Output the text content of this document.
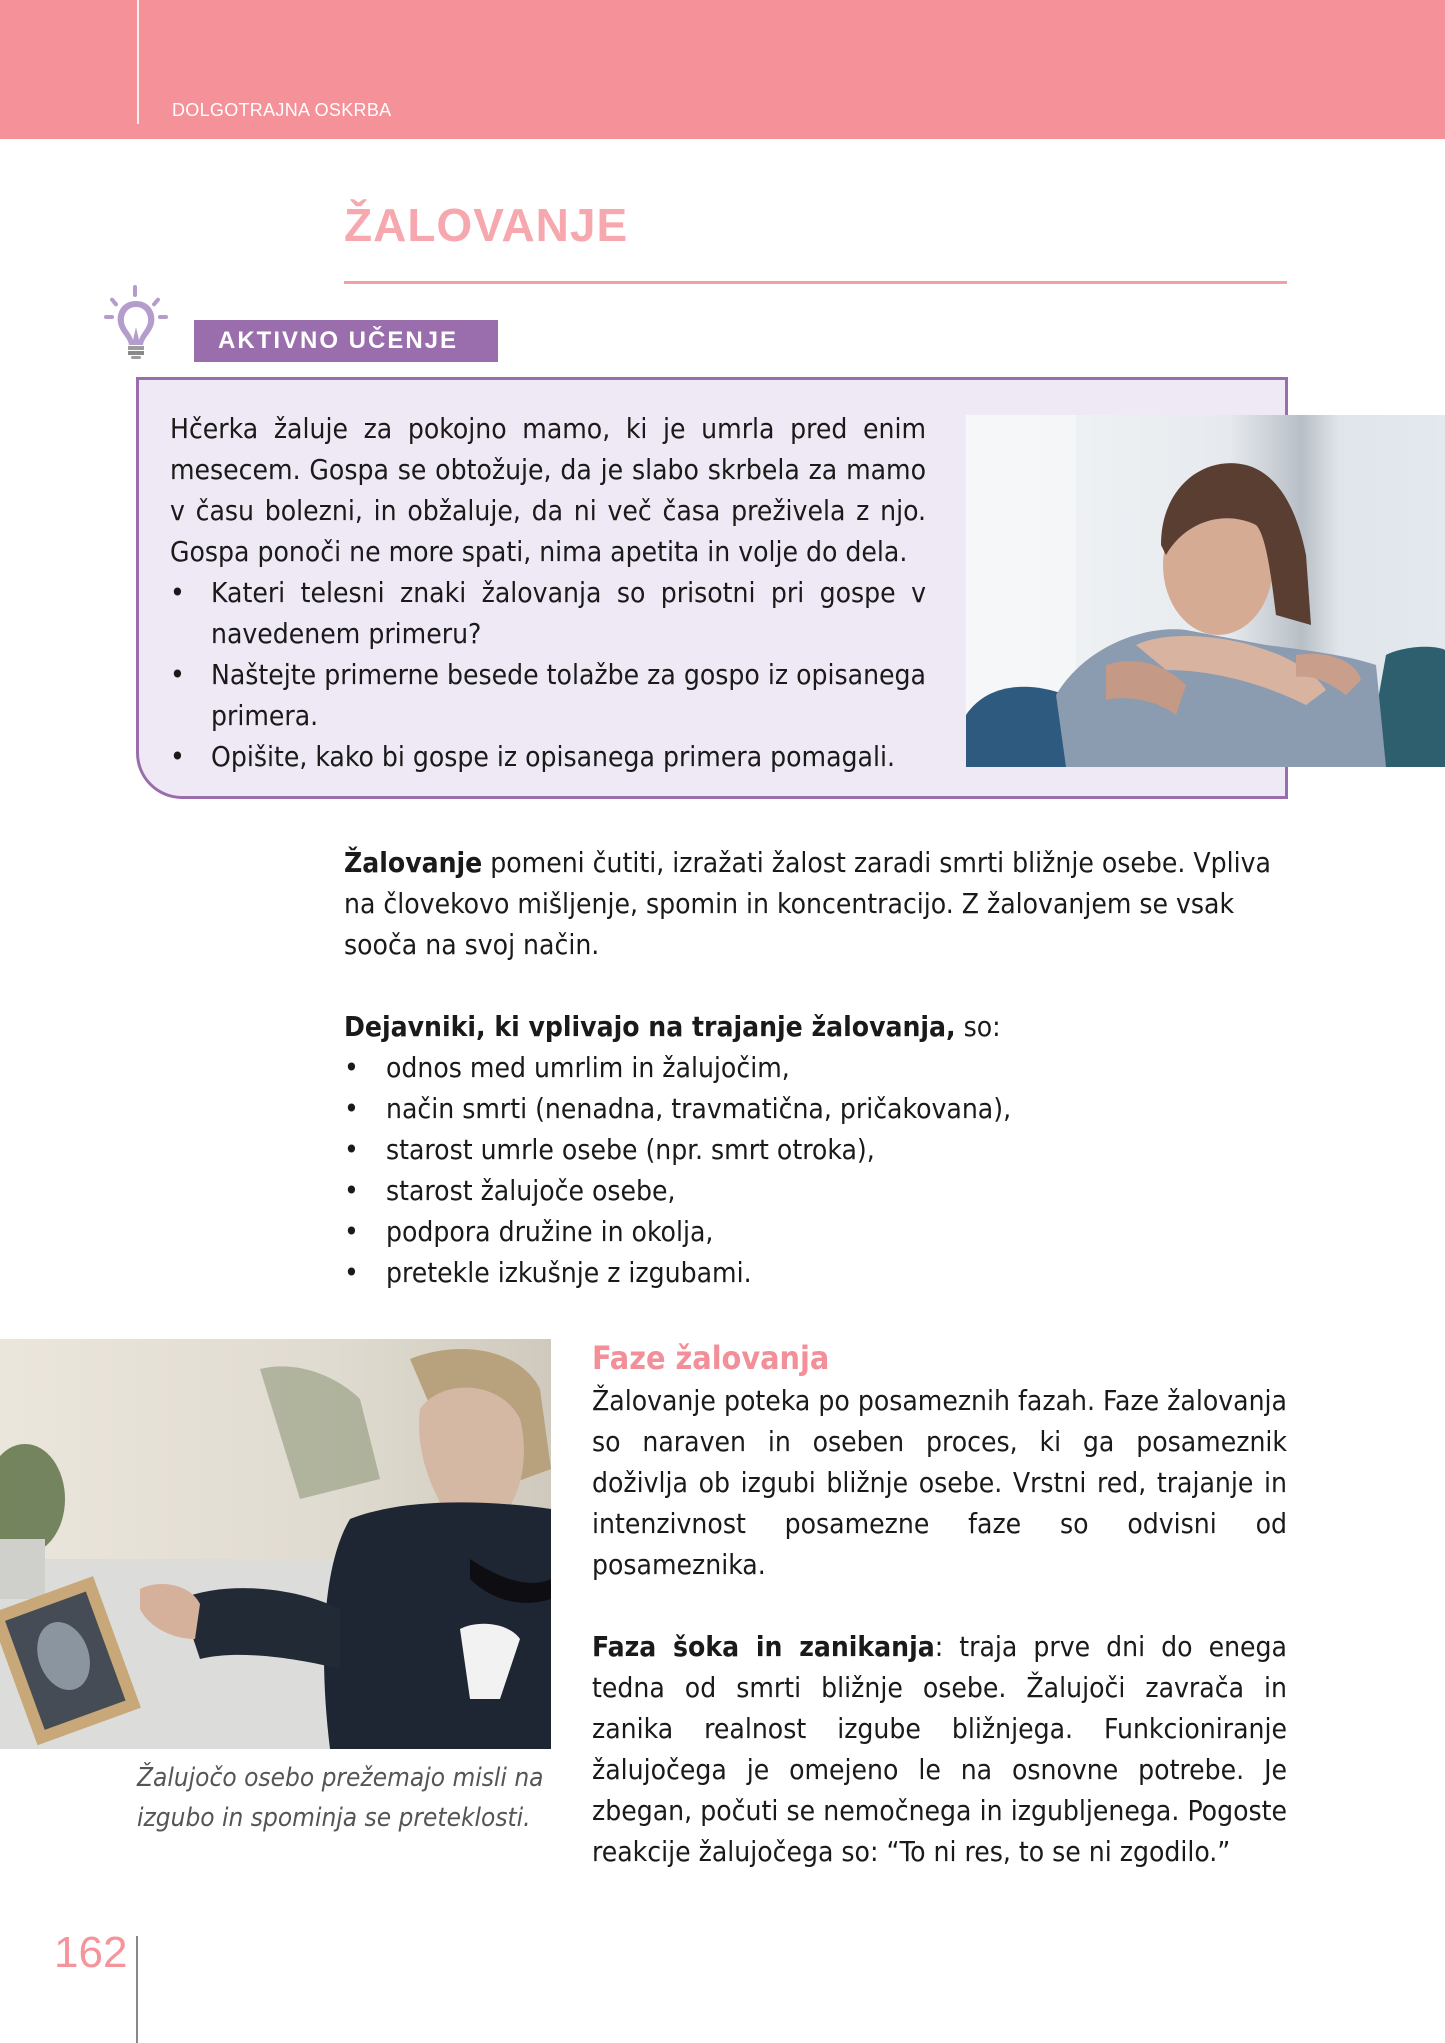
DOLGOTRAJNA OSKRBA
ŽALOVANJE
AKTIVNO UČENJE

Hčerka žaluje za pokojno mamo, ki je umrla pred enim mesecem. Gospa se obtožuje, da je slabo skrbela za mamo v času bolezni, in obžaluje, da ni več časa preživela z njo. Gospa ponoči ne more spati, nima apetita in volje do dela.

• Kateri telesni znaki žalovanja so prisotni pri gospe v navedenem primeru?
• Naštejte primerne besede tolažbe za gospo iz opisanega primera.
• Opišite, kako bi gospe iz opisanega primera pomagali.

Žalovanje pomeni čutiti, izražati žalost zaradi smrti bližnje osebe. Vpliva na človekovo mišljenje, spomin in koncentracijo. Z žalovanjem se vsak sooča na svoj način.

Dejavniki, ki vplivajo na trajanje žalovanja, so:

• odnos med umrlim in žalujočim,
• način smrti (nenadna, travmatična, pričakovana),
• starost umrle osebe (npr. smrt otroka),
• starost žalujoče osebe,
• podpora družine in okolja,
• pretekle izkušnje z izgubami.
Žalujočo osebo prežemajo misli na izgubo in spominja se preteklosti.
Faze žalovanja

Žalovanje poteka po posameznih fazah. Faze žalovanja so naraven in oseben proces, ki ga posameznik doživlja ob izgubi bližnje osebe. Vrstni red, trajanje in intenzivnost posamezne faze so odvisni od posameznika.

Faza šoka in zanikanja: traja prve dni do enega tedna od smrti bližnje osebe. Žalujoči zavrača in zanika realnost izgube bližnjega. Funkcioniranje žalujočega je omejeno le na osnovne potrebe. Je zbegan, počuti se nemočnega in izgubljenega. Pogoste reakcije žalujočega so: “To ni res, to se ni zgodilo.”

162
